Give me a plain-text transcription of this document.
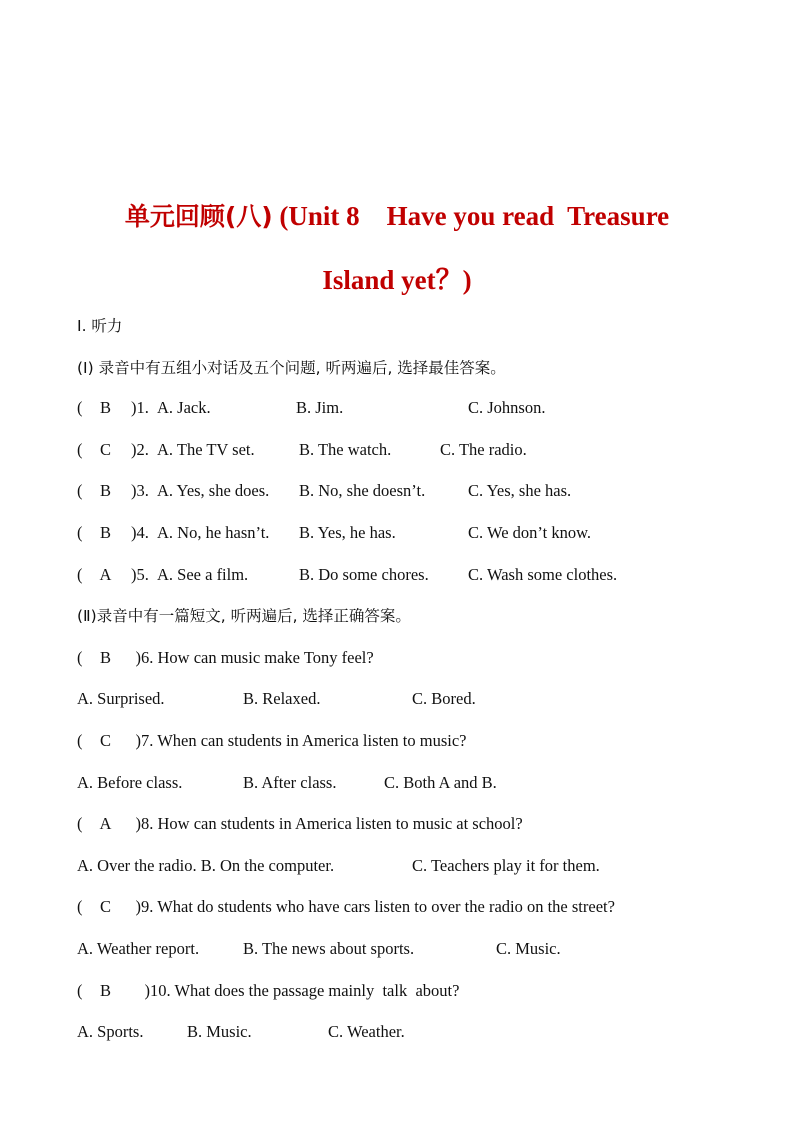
单元回顾(八) (Unit 8    Have you read  Treasure
Island yet？)
Ⅰ. 听力
(Ⅰ) 录音中有五组小对话及五个问题, 听两遍后, 选择最佳答案。
( B	)1. A. Jack.	B. Jim.	C. Johnson.
( C	)2. A. The TV set.	B. The watch.	C. The radio.
( B	)3. A. Yes, she does. B. No, she doesn’t.	C. Yes, she has.
( B	)4. A. No, he hasn’t. B. Yes, he has.	C. We don’t know.
( A	)5. A. See a film.	B. Do some chores. C. Wash some clothes.
(Ⅱ)录音中有一篇短文, 听两遍后, 选择正确答案。
( B )6. How can music make Tony feel?
A. Surprised.	B. Relaxed.	C. Bored.
( C )7. When can students in America listen to music?
A. Before class.	B. After class.	C. Both A and B.
( A )8. How can students in America listen to music at school?
A. Over the radio. B. On the computer.	C. Teachers play it for them.
( C )9. What do students who have cars listen to over the radio on the street?
A. Weather report.	B. The news about sports.	C. Music.
( B )10. What does the passage mainly  talk  about?
A. Sports.	B. Music.	C. Weather.
